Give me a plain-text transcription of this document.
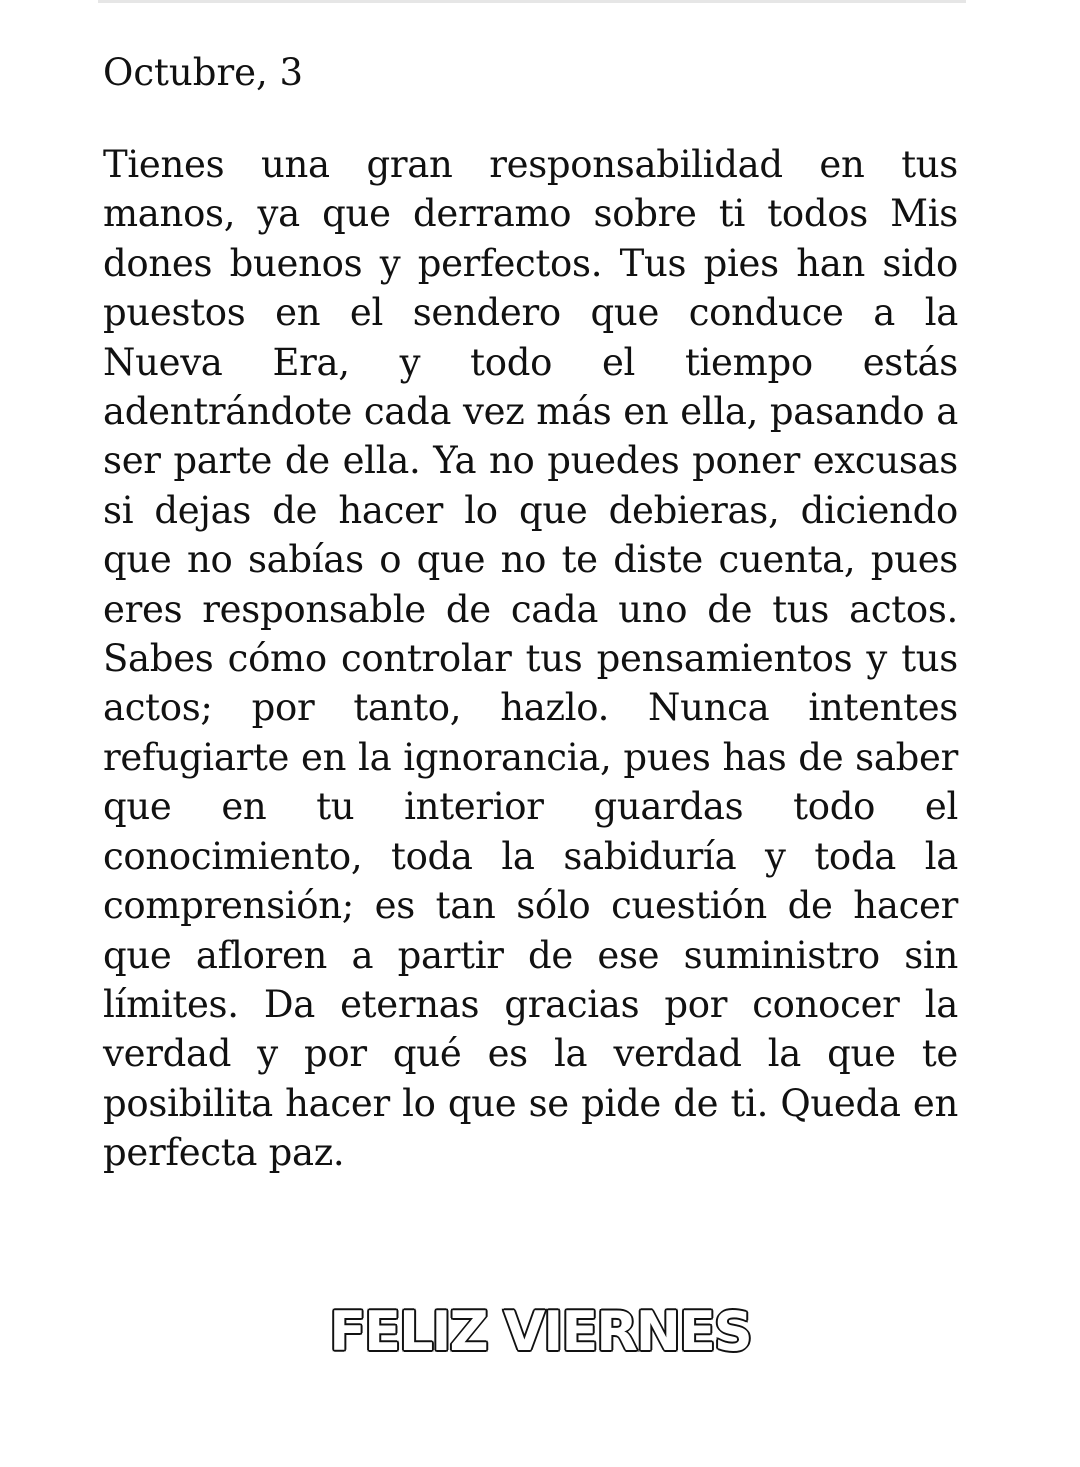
Octubre, 3

Tienes una gran responsabilidad en tus manos, ya que derramo sobre ti todos Mis dones buenos y perfectos. Tus pies han sido puestos en el sendero que conduce a la Nueva Era, y todo el tiempo estás adentrándote cada vez más en ella, pasando a ser parte de ella. Ya no puedes poner excusas si dejas de hacer lo que debieras, diciendo que no sabías o que no te diste cuenta, pues eres responsable de cada uno de tus actos. Sabes cómo controlar tus pensamientos y tus actos; por tanto, hazlo. Nunca intentes refugiarte en la ignorancia, pues has de saber que en tu interior guardas todo el conocimiento, toda la sabiduría y toda la comprensión; es tan sólo cuestión de hacer que afloren a partir de ese suministro sin límites. Da eternas gracias por conocer la verdad y por qué es la verdad la que te posibilita hacer lo que se pide de ti. Queda en perfecta paz.

FELIZ VIERNES
